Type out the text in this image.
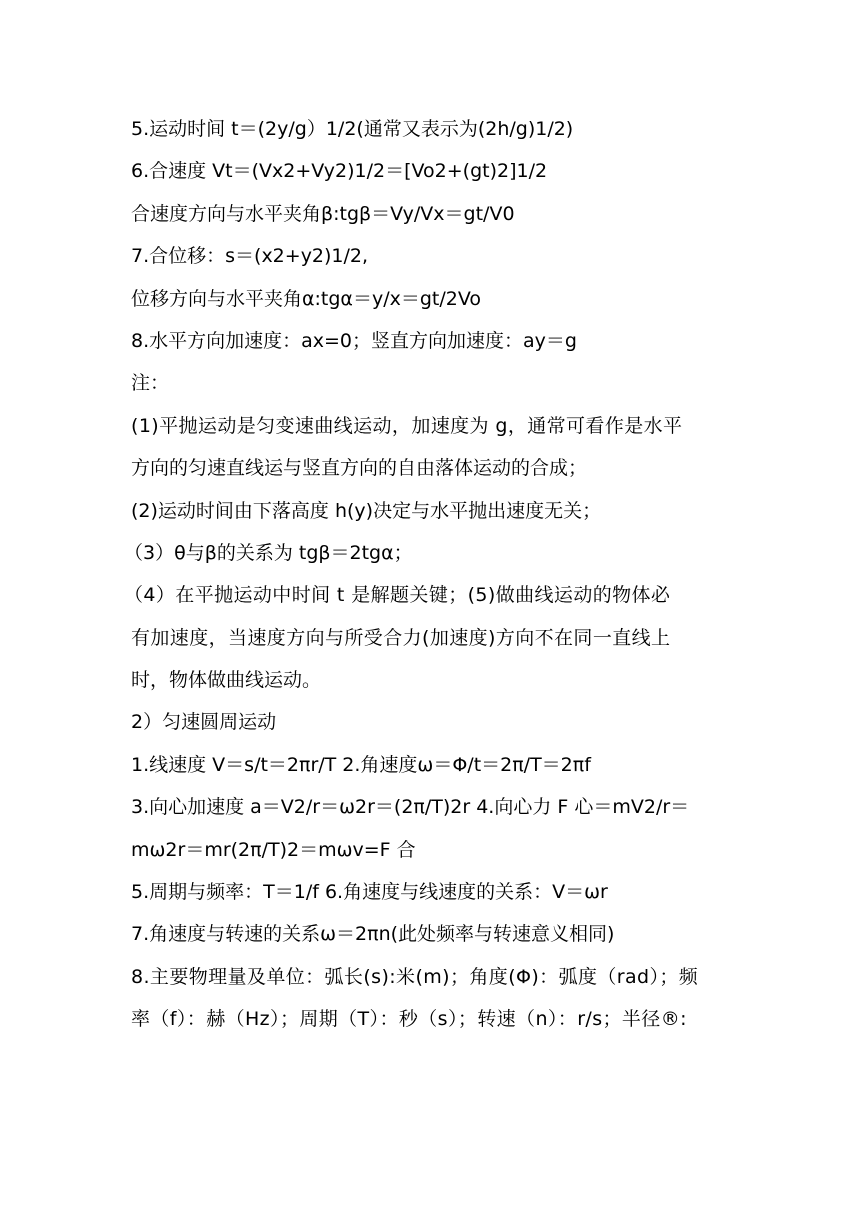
5.运动时间 t＝(2y/g）1/2(通常又表示为(2h/g)1/2)
6.合速度 Vt＝(Vx2+Vy2)1/2＝[Vo2+(gt)2]1/2
合速度方向与水平夹角β:tgβ＝Vy/Vx＝gt/V0
7.合位移：s＝(x2+y2)1/2,
位移方向与水平夹角α:tgα＝y/x＝gt/2Vo
8.水平方向加速度：ax=0；竖直方向加速度：ay＝g
注：
(1)平抛运动是匀变速曲线运动，加速度为 g，通常可看作是水平
方向的匀速直线运与竖直方向的自由落体运动的合成；
(2)运动时间由下落高度 h(y)决定与水平抛出速度无关；
（3）θ与β的关系为 tgβ＝2tgα；
（4）在平抛运动中时间 t 是解题关键；(5)做曲线运动的物体必
有加速度，当速度方向与所受合力(加速度)方向不在同一直线上
时，物体做曲线运动。
2）匀速圆周运动
1.线速度 V＝s/t＝2πr/T 2.角速度ω＝Φ/t＝2π/T＝2πf
3.向心加速度 a＝V2/r＝ω2r＝(2π/T)2r 4.向心力 F 心＝mV2/r＝
mω2r＝mr(2π/T)2＝mωv=F 合
5.周期与频率：T＝1/f 6.角速度与线速度的关系：V＝ωr
7.角速度与转速的关系ω＝2πn(此处频率与转速意义相同)
8.主要物理量及单位：弧长(s):米(m)；角度(Φ)：弧度（rad）；频
率（f）：赫（Hz）；周期（T）：秒（s）；转速（n）：r/s；半径®:
